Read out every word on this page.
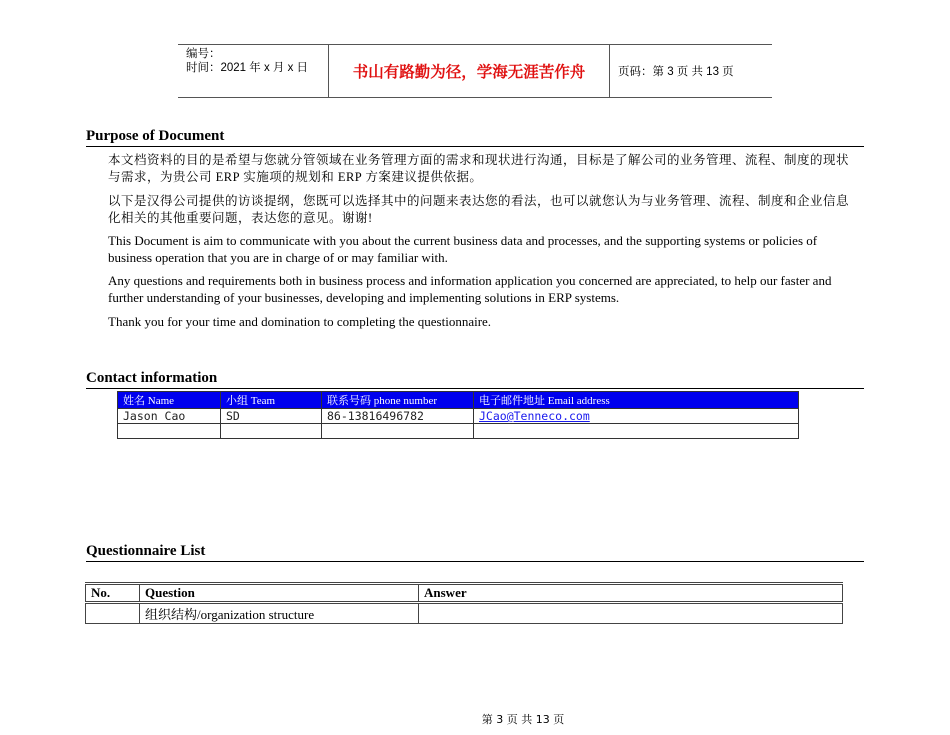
编号：
时间：2021 年 x 月 x 日	书山有路勤为径，学海无涯苦作舟	页码：第 3 页 共 13 页
Purpose of Document
本文档资料的目的是希望与您就分管领域在业务管理方面的需求和现状进行沟通，目标是了解公司的业务管理、流程、制度的现状与需求，为贵公司 ERP 实施项的规划和 ERP 方案建议提供依据。
以下是汉得公司提供的访谈提纲，您既可以选择其中的问题来表达您的看法，也可以就您认为与业务管理、流程、制度和企业信息化相关的其他重要问题，表达您的意见。谢谢!
This Document is aim to communicate with you about the current business data and processes, and the supporting systems or policies of business operation that you are in charge of or may familiar with.
Any questions and requirements both in business process and information application you concerned are appreciated, to help our faster and further understanding of your businesses, developing and implementing solutions in ERP systems.
Thank you for your time and domination to completing the questionnaire.
Contact information
姓名 Name	小组 Team	联系号码 phone number	电子邮件地址 Email address
Jason Cao	SD	86-13816496782	JCao@Tenneco.com

Questionnaire List
No.	Question	Answer
	组织结构/organization structure	
第 3 页 共 13 页
